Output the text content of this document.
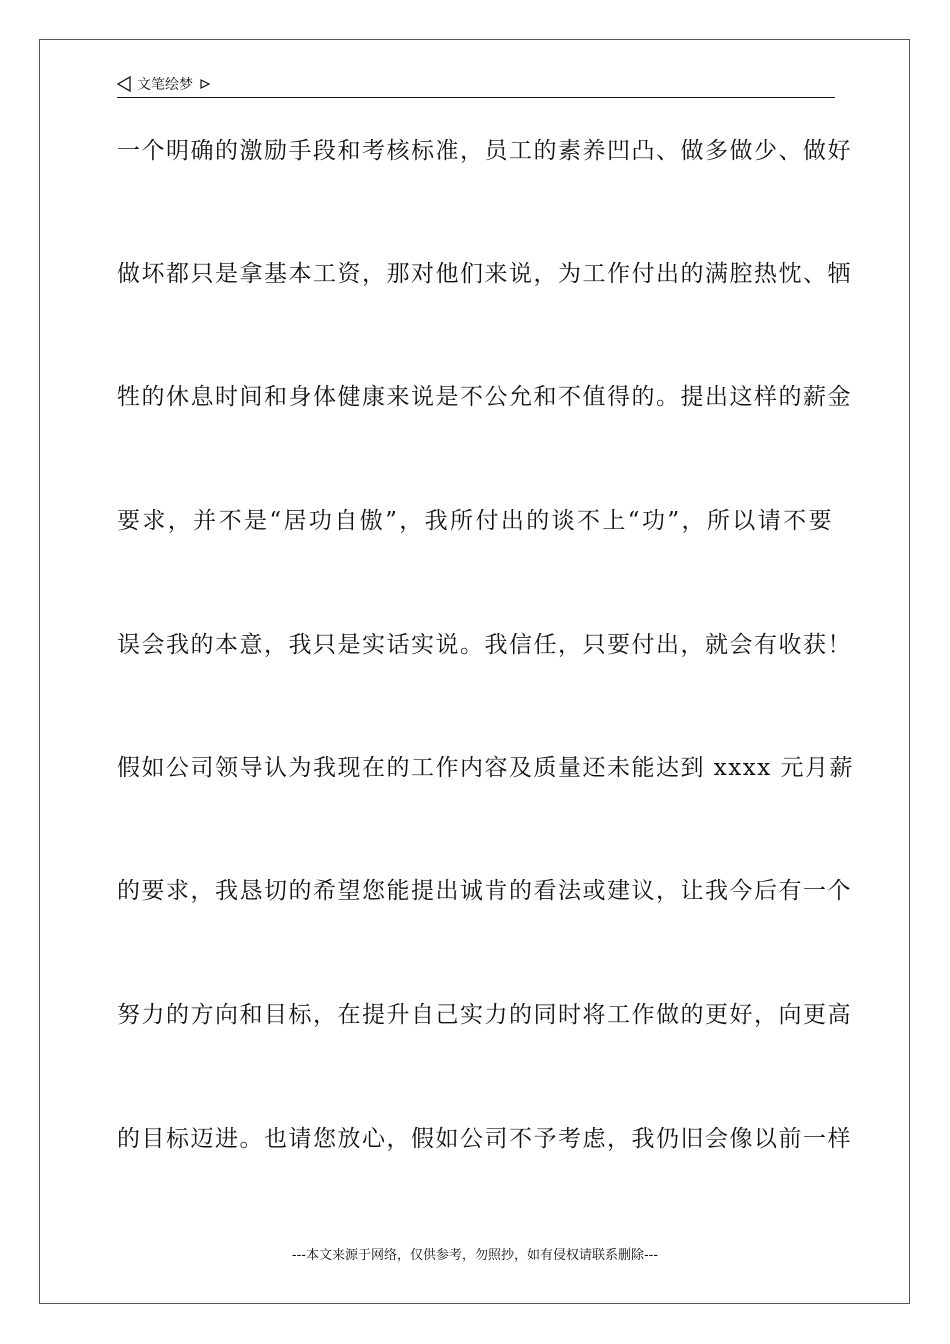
文笔绘梦
一个明确的激励手段和考核标准，员工的素养凹凸、做多做少、做好
做坏都只是拿基本工资，那对他们来说，为工作付出的满腔热忱、牺
牲的休息时间和身体健康来说是不公允和不值得的。提出这样的薪金
要求，并不是“居功自傲”，我所付出的谈不上“功”，所以请不要
误会我的本意，我只是实话实说。我信任，只要付出，就会有收获！
假如公司领导认为我现在的工作内容及质量还未能达到 xxxx 元月薪
的要求，我恳切的希望您能提出诚肯的看法或建议，让我今后有一个
努力的方向和目标，在提升自己实力的同时将工作做的更好，向更高
的目标迈进。也请您放心，假如公司不予考虑，我仍旧会像以前一样
---本文来源于网络，仅供参考，勿照抄，如有侵权请联系删除---
